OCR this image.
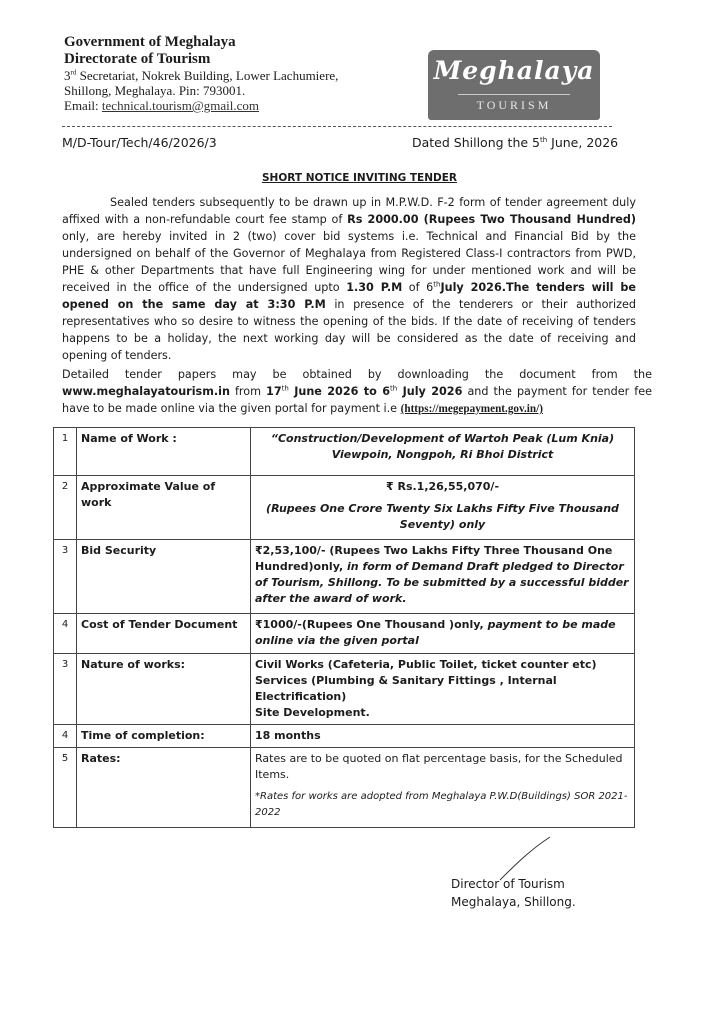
Government of Meghalaya
Directorate of Tourism
3rd Secretariat, Nokrek Building, Lower Lachumiere,
Shillong, Meghalaya. Pin: 793001.
Email: technical.tourism@gmail.com
Meghalaya
TOURISM
M/D-Tour/Tech/46/2026/3	Dated Shillong the 5th June, 2026
SHORT NOTICE INVITING TENDER
Sealed tenders subsequently to be drawn up in M.P.W.D. F-2 form of tender agreement duly affixed with a non-refundable court fee stamp of Rs 2000.00 (Rupees Two Thousand Hundred) only, are hereby invited in 2 (two) cover bid systems i.e. Technical and Financial Bid by the undersigned on behalf of the Governor of Meghalaya from Registered Class-I contractors from PWD, PHE & other Departments that have full Engineering wing for under mentioned work and will be received in the office of the undersigned upto 1.30 P.M of 6thJuly 2026.The tenders will be opened on the same day at 3:30 P.M in presence of the tenderers or their authorized representatives who so desire to witness the opening of the bids. If the date of receiving of tenders happens to be a holiday, the next working day will be considered as the date of receiving and opening of tenders.
Detailed tender papers may be obtained by downloading the document from the www.meghalayatourism.in from 17th June 2026 to 6th July 2026 and the payment for tender fee have to be made online via the given portal for payment i.e (https://megepayment.gov.in/)
1	Name of Work :	“Construction/Development of Wartoh Peak (Lum Knia) Viewpoin, Nongpoh, Ri Bhoi District
2	Approximate Value of work	₹ Rs.1,26,55,070/-
(Rupees One Crore Twenty Six Lakhs Fifty Five Thousand Seventy) only

3	Bid Security	₹2,53,100/- (Rupees Two Lakhs Fifty Three Thousand One Hundred)only, in form of Demand Draft pledged to Director of Tourism, Shillong. To be submitted by a successful bidder after the award of work.
4	Cost of Tender Document	₹1000/-(Rupees One Thousand )only, payment to be made online via the given portal
3	Nature of works:	Civil Works (Cafeteria, Public Toilet, ticket counter etc)
Services (Plumbing & Sanitary Fittings , Internal Electrification)
Site Development.

4	Time of completion:	18 months
5	Rates:	Rates are to be quoted on flat percentage basis, for the Scheduled Items.
*Rates for works are adopted from Meghalaya P.W.D(Buildings) SOR 2021-2022
Director of Tourism
Meghalaya, Shillong.
